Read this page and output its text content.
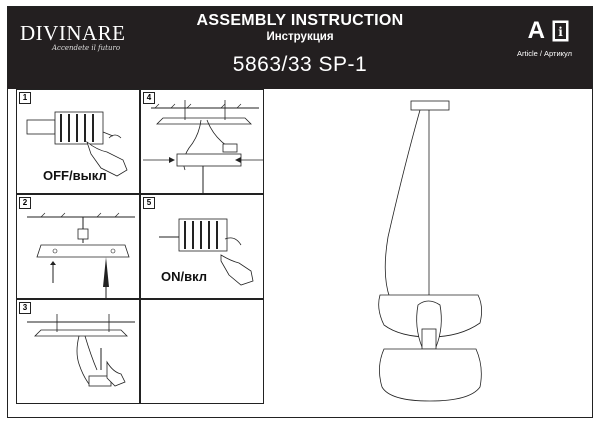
DIVINARE
Accendete il futuro
ASSEMBLY INSTRUCTION
Инструкция
5863/33 SP-1
A i
Article / Артикул
1
OFF/выкл
4
2	5
ON/вкл
3
